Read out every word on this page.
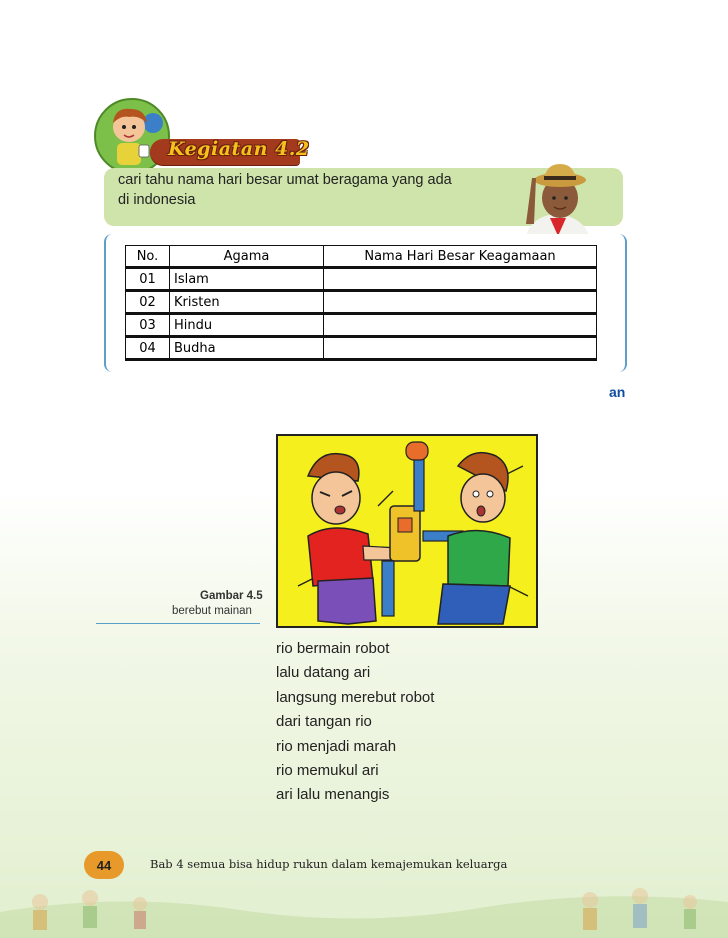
Kegiatan 4.2
cari tahu nama hari besar umat beragama yang ada
di indonesia
No.	Agama	Nama Hari Besar Keagamaan
01	Islam	
02	Kristen	
03	Hindu	
04	Budha	
an
Gambar 4.5
berebut mainan
rio bermain robot
lalu datang ari
langsung merebut robot
dari tangan rio
rio menjadi marah
rio memukul ari
ari lalu menangis
44	Bab 4 semua bisa hidup rukun dalam kemajemukan keluarga
